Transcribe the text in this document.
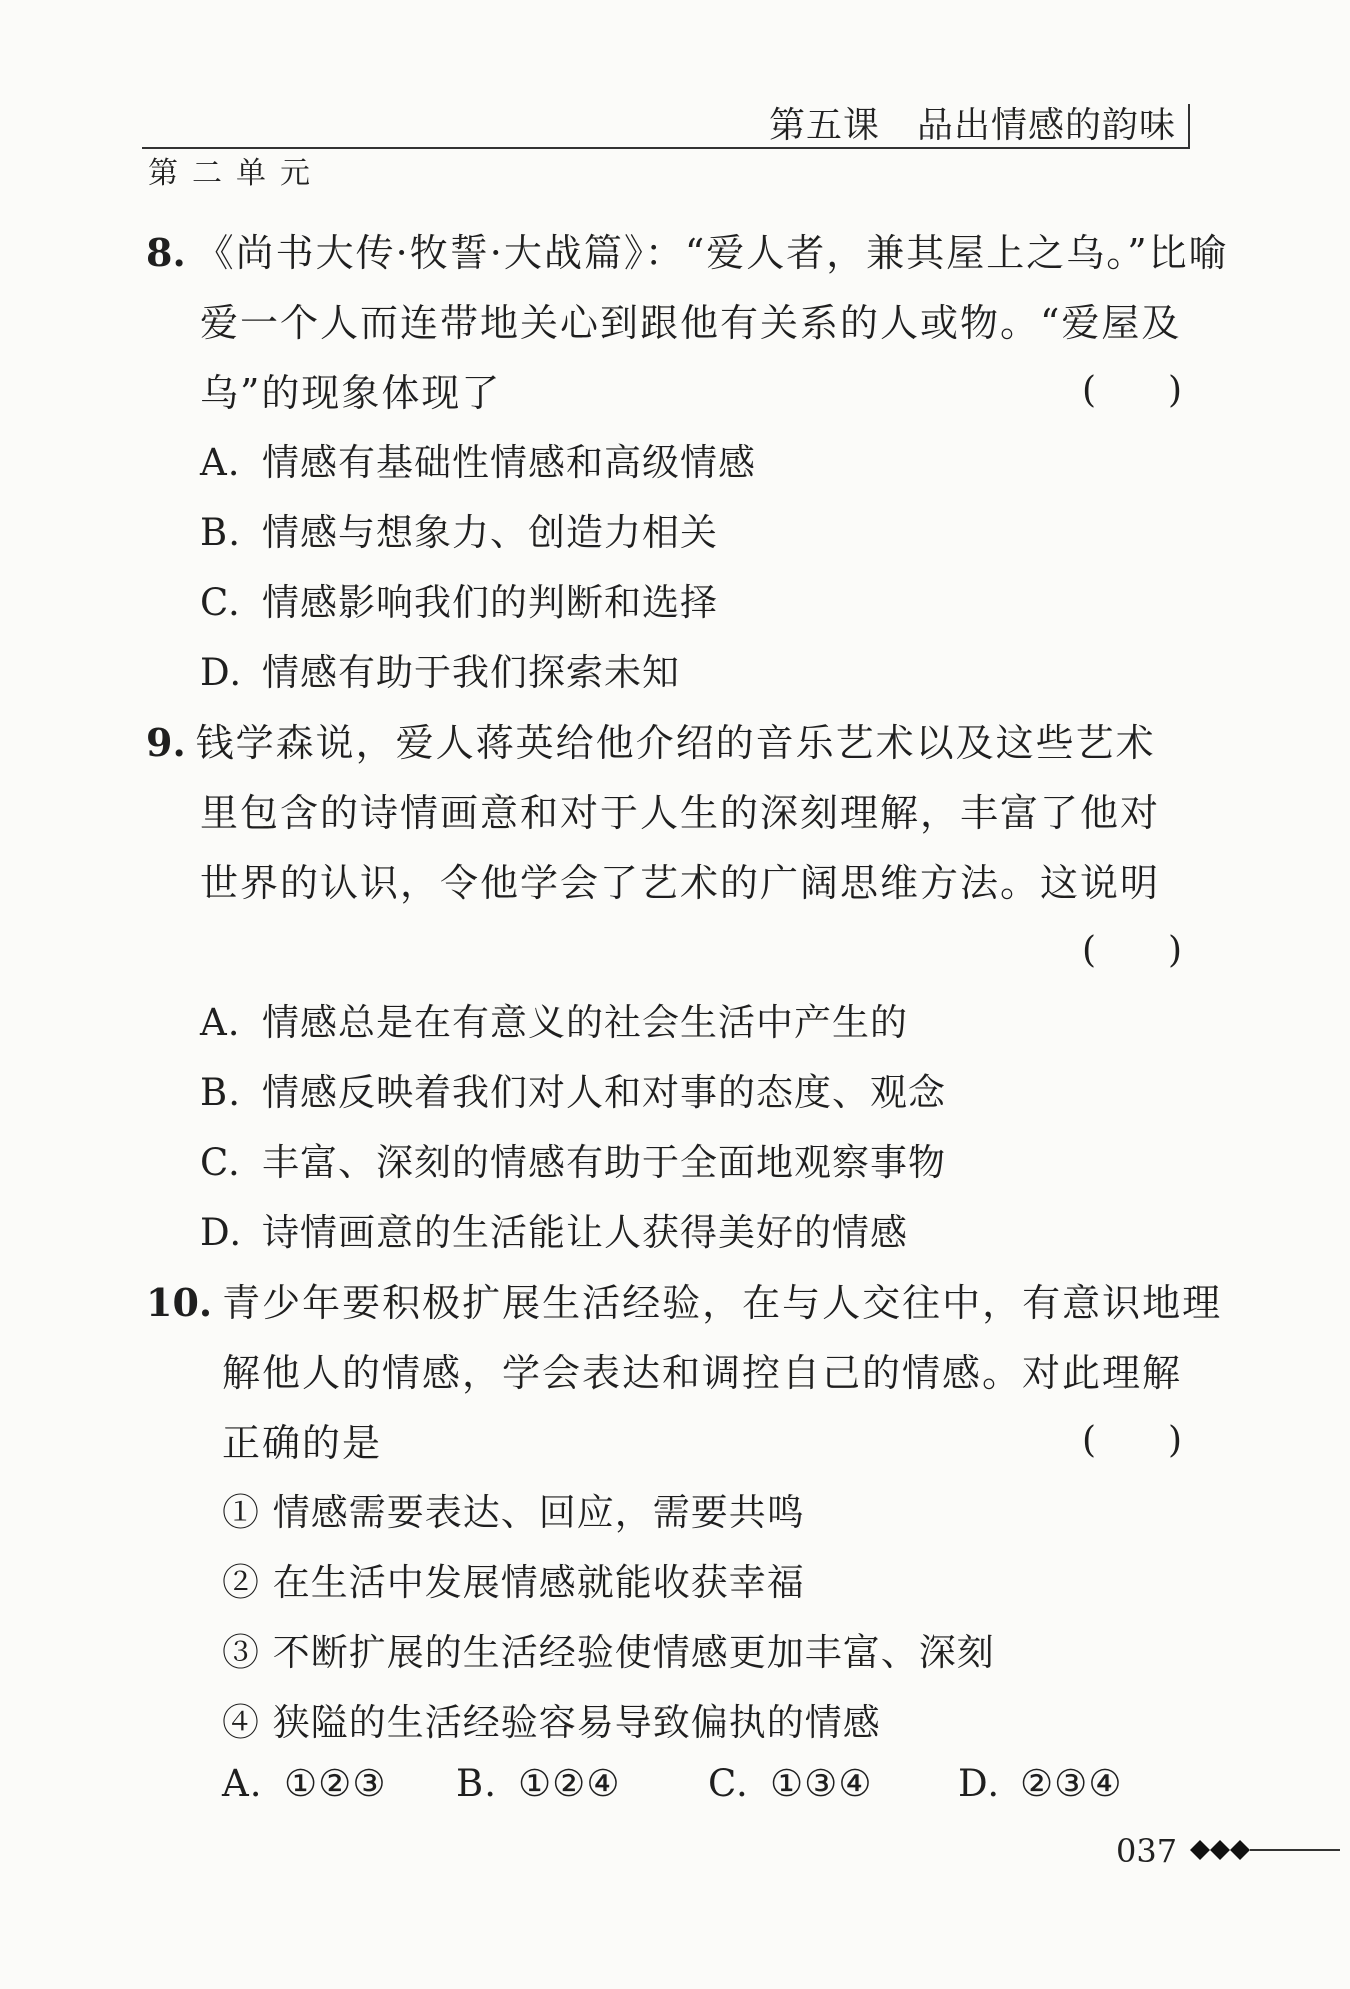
第五课　品出情感的韵味
第二单元
8. 《尚书大传·牧誓·大战篇》：“爱人者，兼其屋上之乌。”比喻
爱一个人而连带地关心到跟他有关系的人或物。“爱屋及
乌”的现象体现了	(　　)
A. 情感有基础性情感和高级情感
B. 情感与想象力、创造力相关
C. 情感影响我们的判断和选择
D. 情感有助于我们探索未知
9. 钱学森说，爱人蒋英给他介绍的音乐艺术以及这些艺术
里包含的诗情画意和对于人生的深刻理解，丰富了他对
世界的认识，令他学会了艺术的广阔思维方法。这说明
(　　)
A. 情感总是在有意义的社会生活中产生的
B. 情感反映着我们对人和对事的态度、观念
C. 丰富、深刻的情感有助于全面地观察事物
D. 诗情画意的生活能让人获得美好的情感
10. 青少年要积极扩展生活经验，在与人交往中，有意识地理
解他人的情感，学会表达和调控自己的情感。对此理解
正确的是	(　　)
① 情感需要表达、回应，需要共鸣
② 在生活中发展情感就能收获幸福
③ 不断扩展的生活经验使情感更加丰富、深刻
④ 狭隘的生活经验容易导致偏执的情感
A. ①②③ B. ①②④ C. ①③④ D. ②③④
037
